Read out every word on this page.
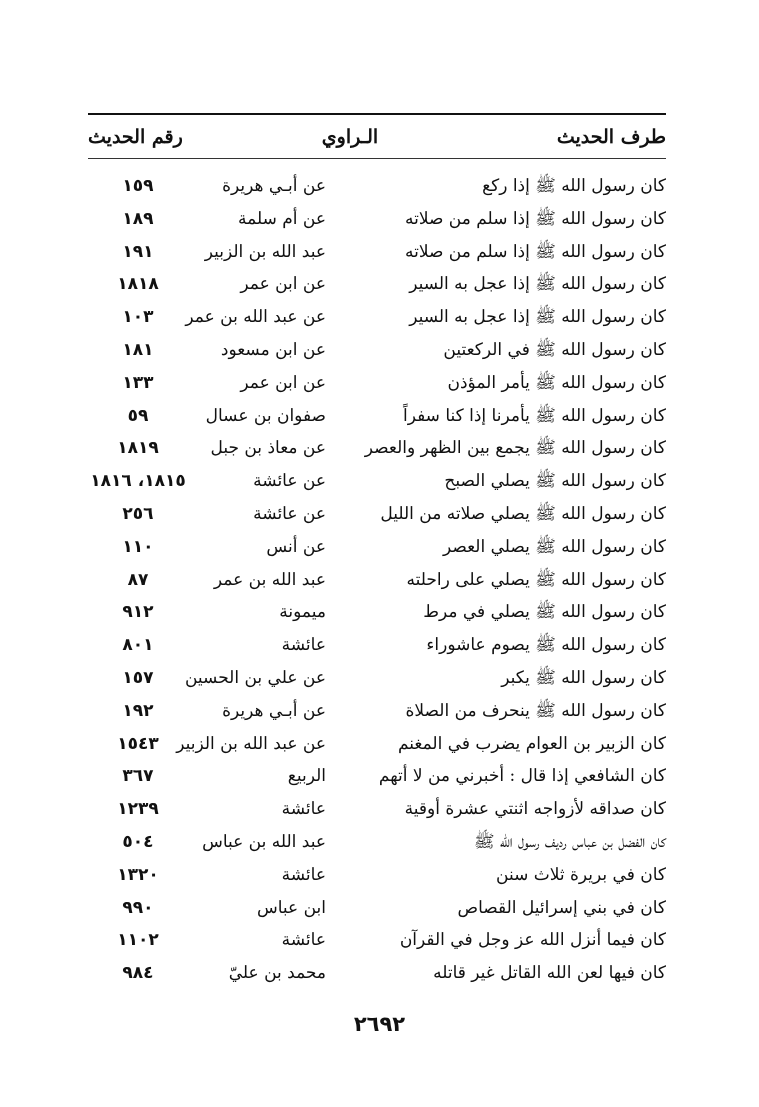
طرف الحديث
الـراوي
رقم الحديث
كان رسول الله ﷺ إذا ركع
عن أبـي هريرة
١٥٩
كان رسول الله ﷺ إذا سلم من صلاته
عن أم سلمة
١٨٩
كان رسول الله ﷺ إذا سلم من صلاته
عبد الله بن الزبير
١٩١
كان رسول الله ﷺ إذا عجل به السير
عن ابن عمر
١٨١٨
كان رسول الله ﷺ إذا عجل به السير
عن عبد الله بن عمر
١٠٣
كان رسول الله ﷺ في الركعتين
عن ابن مسعود
١٨١
كان رسول الله ﷺ يأمر المؤذن
عن ابن عمر
١٣٣
كان رسول الله ﷺ يأمرنا إذا كنا سفراً
صفوان بن عسال
٥٩
كان رسول الله ﷺ يجمع بين الظهر والعصر
عن معاذ بن جبل
١٨١٩
كان رسول الله ﷺ يصلي الصبح
عن عائشة
١٨١٥، ١٨١٦
كان رسول الله ﷺ يصلي صلاته من الليل
عن عائشة
٢٥٦
كان رسول الله ﷺ يصلي العصر
عن أنس
١١٠
كان رسول الله ﷺ يصلي على راحلته
عبد الله بن عمر
٨٧
كان رسول الله ﷺ يصلي في مرط
ميمونة
٩١٢
كان رسول الله ﷺ يصوم عاشوراء
عائشة
٨٠١
كان رسول الله ﷺ يكبر
عن علي بن الحسين
١٥٧
كان رسول الله ﷺ ينحرف من الصلاة
عن أبـي هريرة
١٩٢
كان الزبير بن العوام يضرب في المغنم
عن عبد الله بن الزبير
١٥٤٣
كان الشافعي إذا قال : أخبرني من لا أتهم
الربيع
٣٦٧
كان صداقه لأزواجه اثنتي عشرة أوقية
عائشة
١٢٣٩
كان الفضل بن عباس رديف رسول الله ﷺ
عبد الله بن عباس
٥٠٤
كان في بريرة ثلاث سنن
عائشة
١٣٢٠
كان في بني إسرائيل القصاص
ابن عباس
٩٩٠
كان فيما أنزل الله عز وجل في القرآن
عائشة
١١٠٢
كان فيها لعن الله القاتل غير قاتله
محمد بن عليّ
٩٨٤
٢٦٩٢
